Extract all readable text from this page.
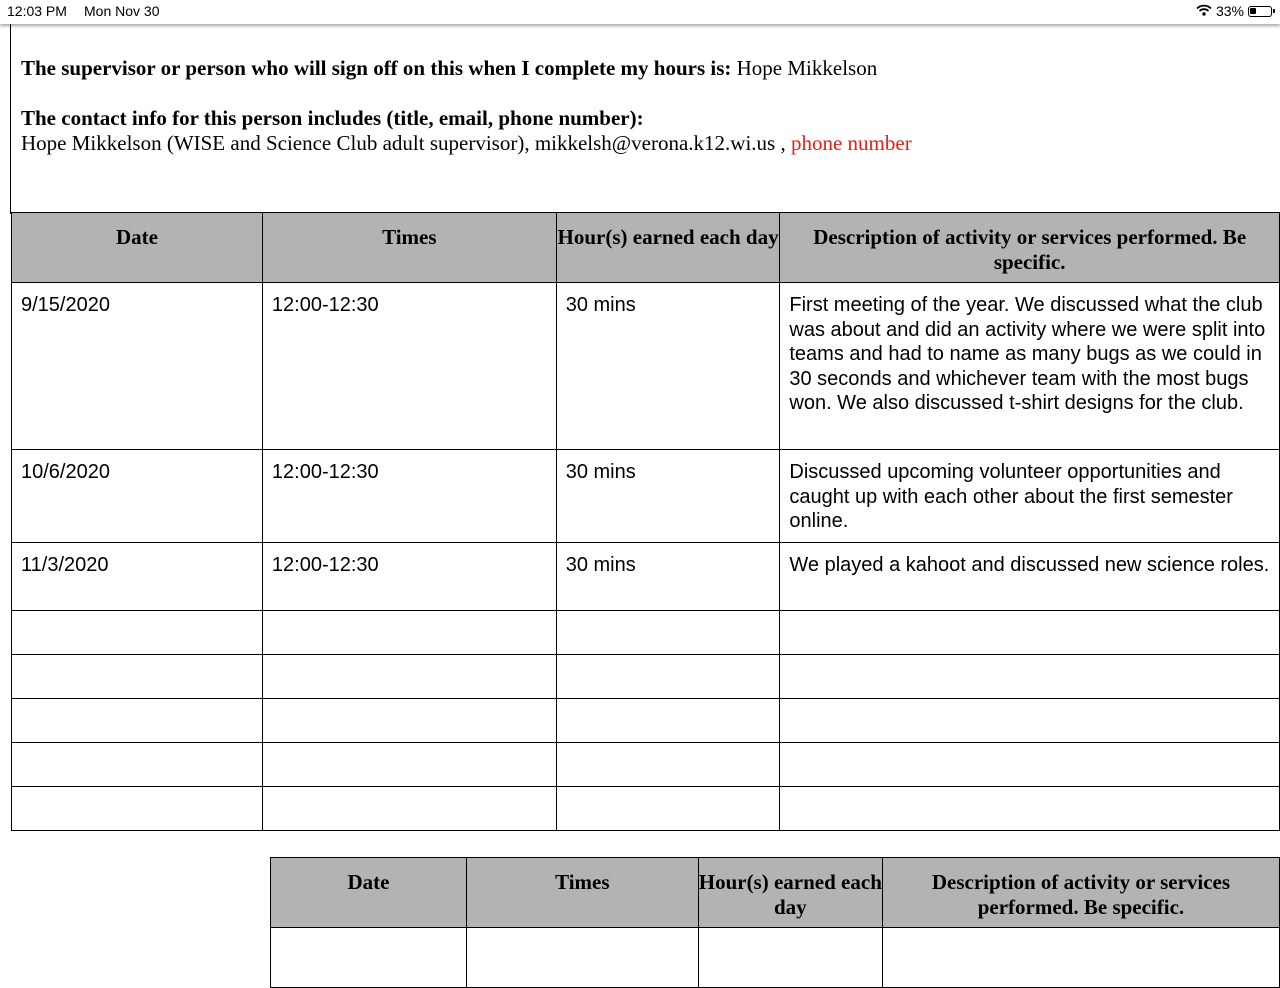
12:03 PM Mon Nov 30	33%
The supervisor or person who will sign off on this when I complete my hours is: Hope Mikkelson
The contact info for this person includes (title, email, phone number):
Hope Mikkelson (WISE and Science Club adult supervisor), mikkelsh@verona.k12.wi.us , phone number
Date	Times	Hour(s) earned each day	Description of activity or services performed. Be specific.
9/15/2020	12:00-12:30	30 mins	First meeting of the year. We discussed what the club was about and did an activity where we were split into teams and had to name as many bugs as we could in 30 seconds and whichever team with the most bugs won. We also discussed t-shirt designs for the club.
10/6/2020	12:00-12:30	30 mins	Discussed upcoming volunteer opportunities and caught up with each other about the first semester online.
11/3/2020	12:00-12:30	30 mins	We played a kahoot and discussed new science roles.

Date	Times	Hour(s) earned each day	Description of activity or services performed. Be specific.
